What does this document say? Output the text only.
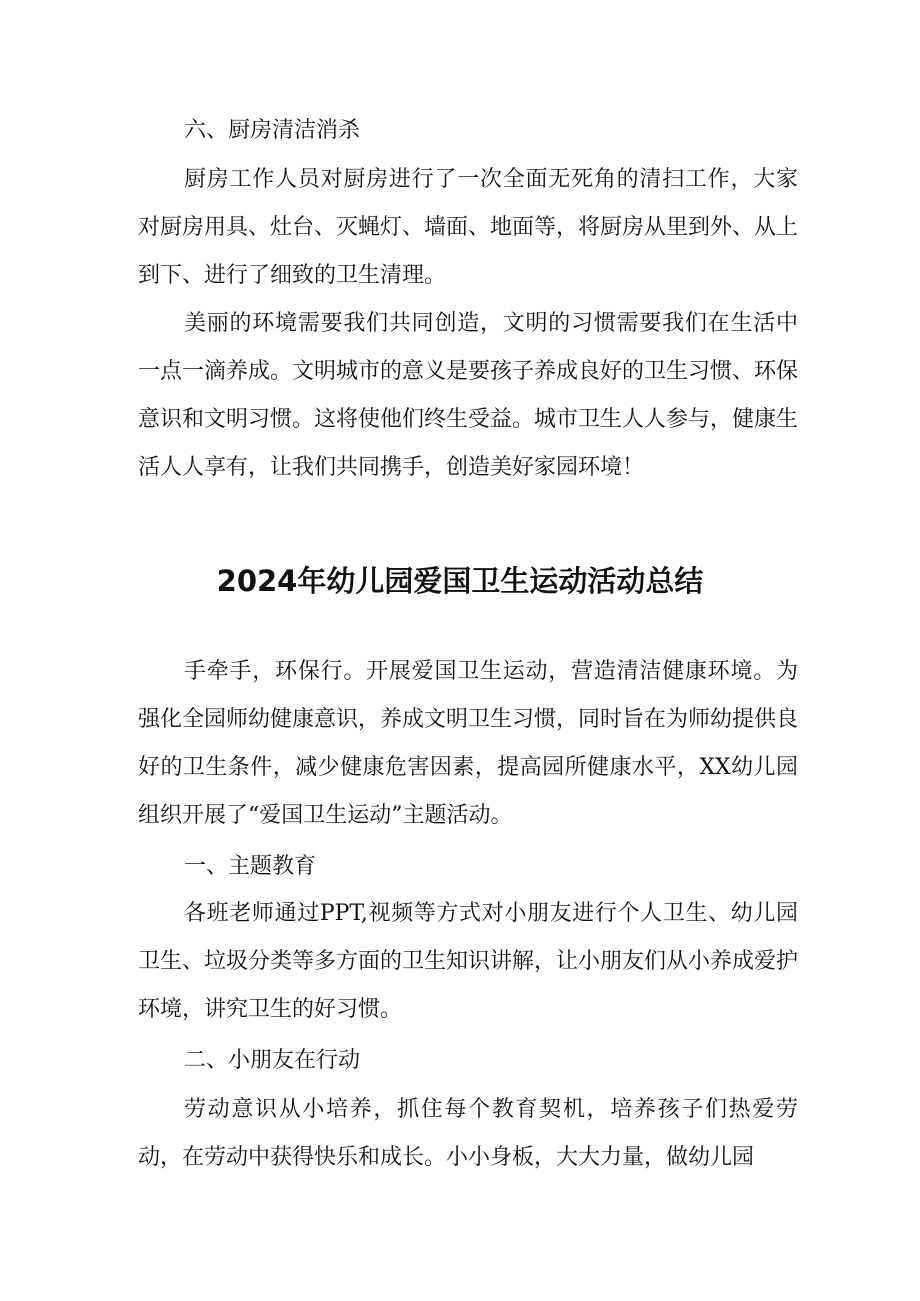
六、厨房清洁消杀

厨房工作人员对厨房进行了一次全面无死角的清扫工作，大家对厨房用具、灶台、灭蝇灯、墙面、地面等，将厨房从里到外、从上到下、进行了细致的卫生清理。

美丽的环境需要我们共同创造，文明的习惯需要我们在生活中一点一滴养成。文明城市的意义是要孩子养成良好的卫生习惯、环保意识和文明习惯。这将使他们终生受益。城市卫生人人参与，健康生活人人享有，让我们共同携手，创造美好家园环境！

2024年幼儿园爱国卫生运动活动总结

手牵手，环保行。开展爱国卫生运动，营造清洁健康环境。为强化全园师幼健康意识，养成文明卫生习惯，同时旨在为师幼提供良好的卫生条件，减少健康危害因素，提高园所健康水平，XX幼儿园组织开展了“爱国卫生运动”主题活动。

一、主题教育

各班老师通过PPT,视频等方式对小朋友进行个人卫生、幼儿园卫生、垃圾分类等多方面的卫生知识讲解，让小朋友们从小养成爱护环境，讲究卫生的好习惯。

二、小朋友在行动

劳动意识从小培养，抓住每个教育契机，培养孩子们热爱劳动，在劳动中获得快乐和成长。小小身板，大大力量，做幼儿园
